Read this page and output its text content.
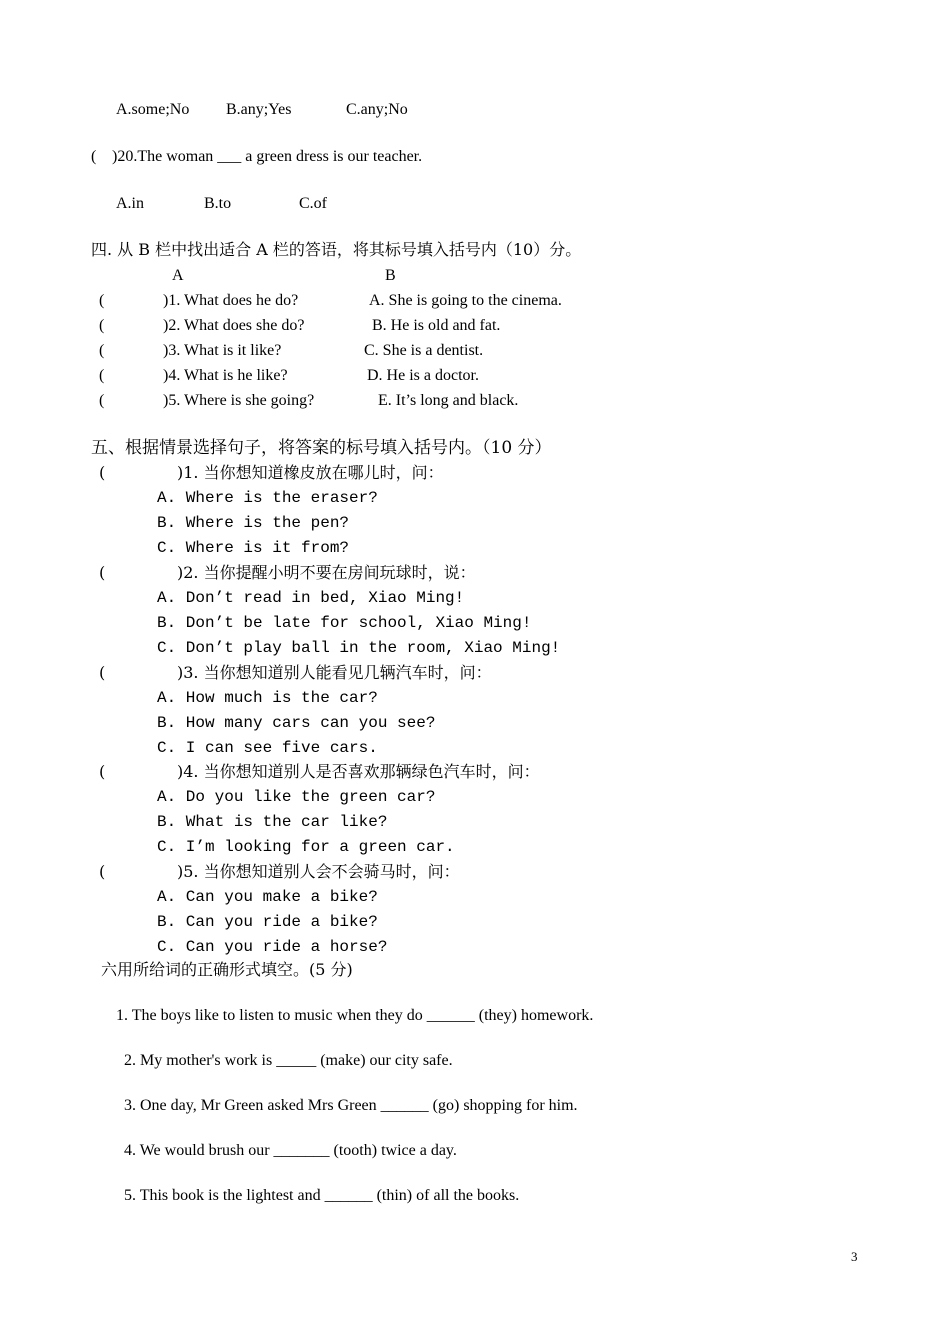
A.some;No B.any;Yes	C.any;No
( )20.The woman ___ a green dress is our teacher.
A.in	B.to	C.of
四. 从 B 栏中找出适合 A 栏的答语，将其标号填入括号内（10）分。
A	B
(	)1. What does he do?	A. She is going to the cinema.
(	)2. What does she do?	B. He is old and fat.
(	)3. What is it like?	C. She is a dentist.
(	)4. What is he like?	D. He is a doctor.
(	)5. Where is she going?	E. It’s long and black.
五、根据情景选择句子，将答案的标号填入括号内。（10 分）
(	)1. 当你想知道橡皮放在哪儿时，问：
A. Where is the eraser?
B. Where is the pen?
C. Where is it from?
(	)2. 当你提醒小明不要在房间玩球时，说：
A. Don’t read in bed, Xiao Ming!
B. Don’t be late for school, Xiao Ming!
C. Don’t play ball in the room, Xiao Ming!
(	)3. 当你想知道别人能看见几辆汽车时，问：
A. How much is the car?
B. How many cars can you see?
C. I can see five cars.
(	)4. 当你想知道别人是否喜欢那辆绿色汽车时，问：
A. Do you like the green car?
B. What is the car like?
C. I’m looking for a green car.
(	)5. 当你想知道别人会不会骑马时，问：
A. Can you make a bike?
B. Can you ride a bike?
C. Can you ride a horse?
六用所给词的正确形式填空。(5 分)
1. The boys like to listen to music when they do ______ (they) homework.
2. My mother's work is _____ (make) our city safe.
3. One day, Mr Green asked Mrs Green ______ (go) shopping for him.
4. We would brush our _______ (tooth) twice a day.
5. This book is the lightest and ______ (thin) of all the books.
3
